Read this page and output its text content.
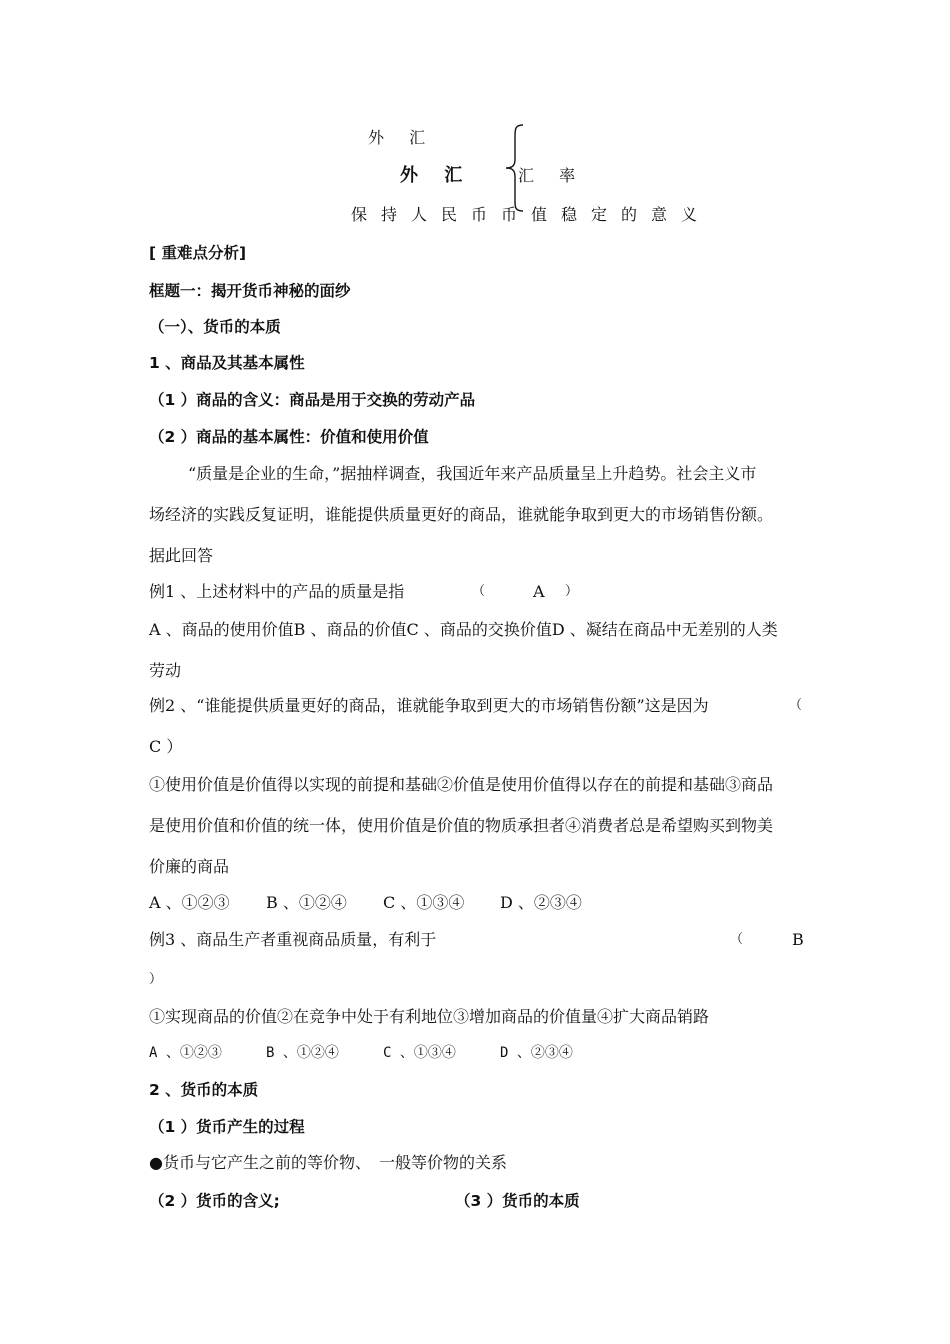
外 汇
外 汇	汇 率
保持人民币币值稳定的意义
[ 重难点分析]
框题一：揭开货币神秘的面纱
（一）、货币的本质
1 、商品及其基本属性
（1 ）商品的含义：商品是用于交换的劳动产品
（2 ）商品的基本属性：价值和使用价值
“质量是企业的生命，”据抽样调查，我国近年来产品质量呈上升趋势。社会主义市
场经济的实践反复证明，谁能提供质量更好的商品，谁就能争取到更大的市场销售份额。
据此回答
例1 、上述材料中的产品的质量是指	（	A ）
A 、商品的使用价值B 、商品的价值C 、商品的交换价值D 、凝结在商品中无差别的人类
劳动
例2 、“谁能提供质量更好的商品，谁就能争取到更大的市场销售份额”这是因为	（
C ）
①使用价值是价值得以实现的前提和基础②价值是使用价值得以存在的前提和基础③商品
是使用价值和价值的统一体，使用价值是价值的物质承担者④消费者总是希望购买到物美
价廉的商品
A 、①②③ B 、①②④ C 、①③④ D 、②③④
例3 、商品生产者重视商品质量，有利于	（	B
）
①实现商品的价值②在竞争中处于有利地位③增加商品的价值量④扩大商品销路
A 、①②③	B 、①②④	C 、①③④	D 、②③④
2 、货币的本质
（1 ）货币产生的过程
●货币与它产生之前的等价物、　一般等价物的关系
（2 ）货币的含义;	（3 ）货币的本质
